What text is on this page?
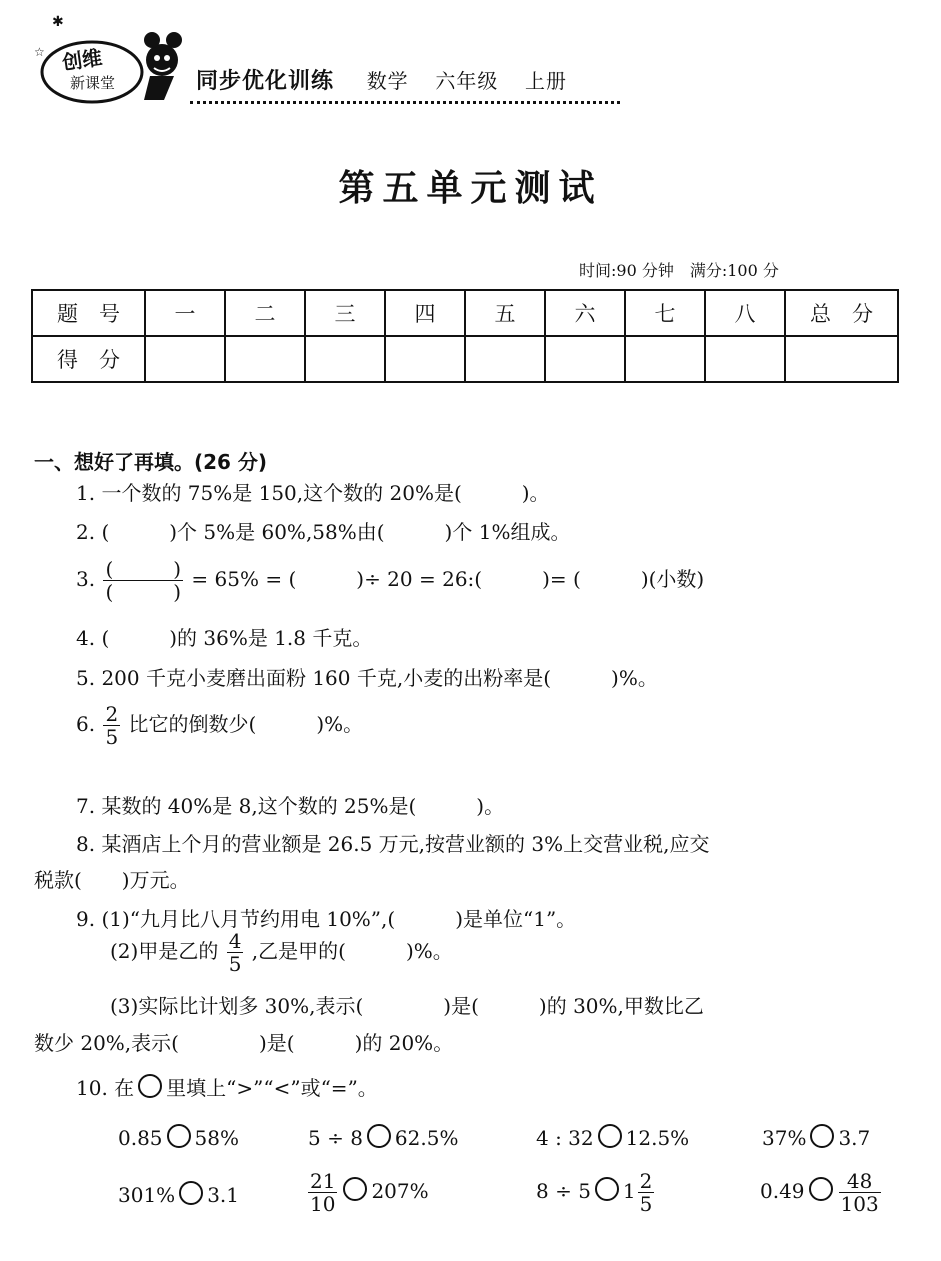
✱
☆ 创维
新课堂	同步优化训练 数学 六年级 上册
第五单元测试
时间:90 分钟　满分:100 分
题　号	一	二	三	四	五	六	七	八	总　分
得　分									
一、想好了再填。(26 分)
1. 一个数的 75%是 150,这个数的 20%是(　　　)。
2. (　　　)个 5%是 60%,58%由(　　　)个 1%组成。
3. $\frac{( )}{( )} = 65\%$ = (　　　)÷ 20 = 26:(　　　)= (　　　)(小数)
4. (　　　)的 36%是 1.8 千克。
5. 200 千克小麦磨出面粉 160 千克,小麦的出粉率是(　　　)%。
6. $\frac{2}{5}$ 比它的倒数少(　　　)%。
7. 某数的 40%是 8,这个数的 25%是(　　　)。
8. 某酒店上个月的营业额是 26.5 万元,按营业额的 3%上交营业税,应交
税款(　　)万元。
9. (1)“九月比八月节约用电 10%”,(　　　)是单位“1”。
(2)甲是乙的 $\frac{4}{5}$ ,乙是甲的(　　　)%。
(3)实际比计划多 30%,表示(　　　　)是(　　　)的 30%,甲数比乙
数少 20%,表示(　　　　)是(　　　)的 20%。
10. 在 里填上“>”“<”或“=”。
0.85 58%	5 ÷ 8 62.5%	4 : 32 12.5%	37% 3.7
301% 3.1	$\frac{21}{10} 207\%$	8 ÷ 5 $1 \frac{2}{5}$	$0.49 \frac{48}{103}$
